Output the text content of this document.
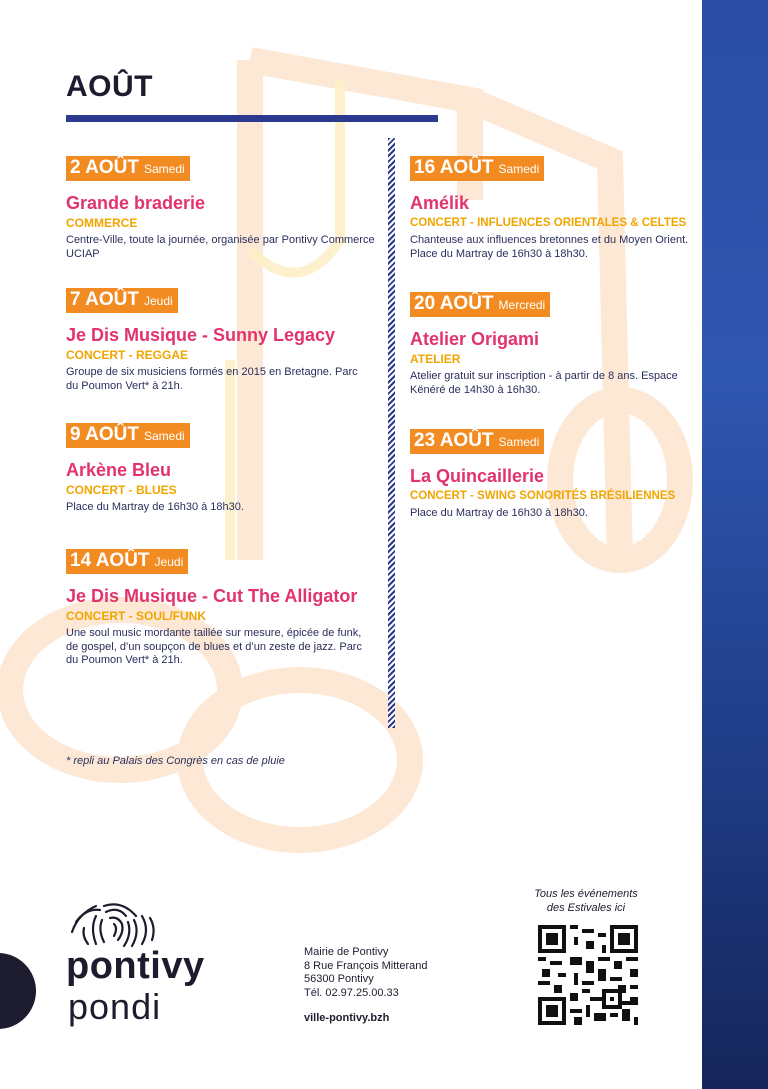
AOÛT
2 AOÛT Samedi
Grande braderie
COMMERCE
Centre-Ville, toute la journée, organisée par Pontivy Commerce UCIAP
7 AOÛT Jeudi
Je Dis Musique - Sunny Legacy
CONCERT - REGGAE
Groupe de six musiciens formés en 2015 en Bretagne. Parc du Poumon Vert* à 21h.
9 AOÛT Samedi
Arkène Bleu
CONCERT - BLUES
Place du Martray de 16h30 à 18h30.
14 AOÛT Jeudi
Je Dis Musique - Cut The Alligator
CONCERT - SOUL/FUNK
Une soul music mordante taillée sur mesure, épicée de funk, de gospel, d’un soupçon de blues et d’un zeste de jazz. Parc du Poumon Vert* à 21h.
16 AOÛT Samedi
Amélik
CONCERT - INFLUENCES ORIENTALES & CELTES
Chanteuse aux influences bretonnes et du Moyen Orient. Place du Martray de 16h30 à 18h30.
20 AOÛT Mercredi
Atelier Origami
ATELIER
Atelier gratuit sur inscription - à partir de 8 ans. Espace Kënéré de 14h30 à 16h30.
23 AOÛT Samedi
La Quincaillerie
CONCERT - SWING SONORITÉS BRÉSILIENNES
Place du Martray de 16h30 à 18h30.
* repli au Palais des Congrès en cas de pluie
pontivy
pondi
Mairie de Pontivy
8 Rue François Mitterand
56300 Pontivy
Tél. 02.97.25.00.33
ville-pontivy.bzh
Tous les événements
des Estivales ici
